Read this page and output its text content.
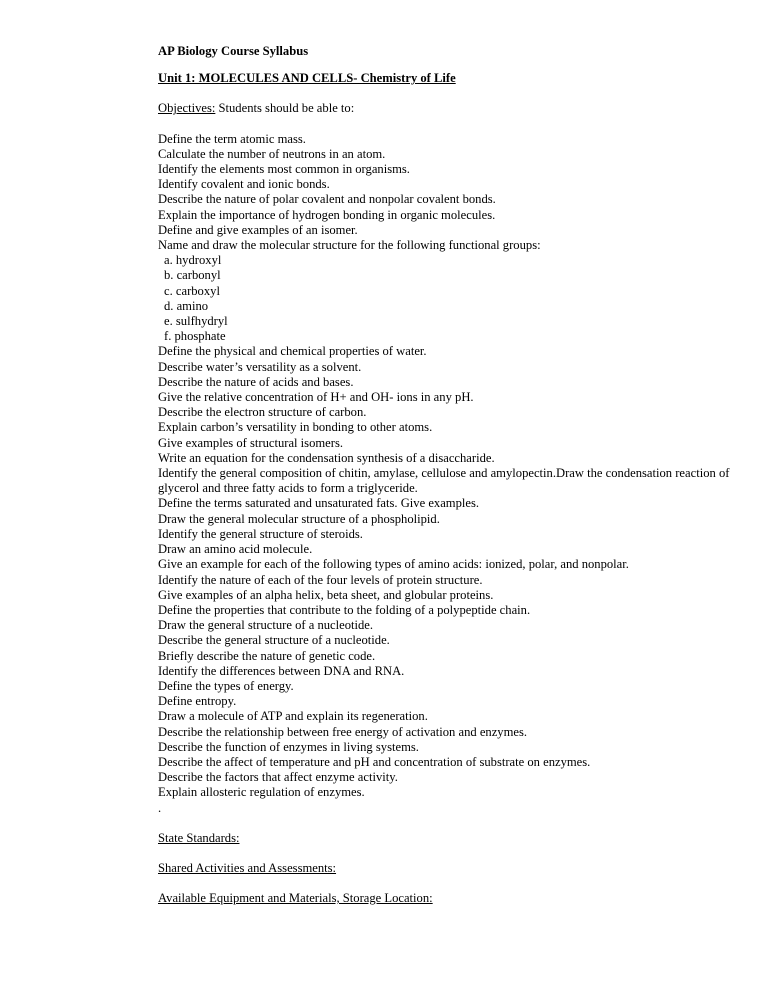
AP Biology Course Syllabus
Unit 1: MOLECULES AND CELLS- Chemistry of Life
Objectives: Students should be able to:
Define the term atomic mass.
Calculate the number of neutrons in an atom.
Identify the elements most common in organisms.
Identify covalent and ionic bonds.
Describe the nature of polar covalent and nonpolar covalent bonds.
Explain the importance of hydrogen bonding in organic molecules.
Define and give examples of an isomer.
Name and draw the molecular structure for the following functional groups:
a. hydroxyl
b. carbonyl
c. carboxyl
d. amino
e. sulfhydryl
f. phosphate
Define the physical and chemical properties of water.
Describe water’s versatility as a solvent.
Describe the nature of acids and bases.
Give the relative concentration of H+ and OH- ions in any pH.
Describe the electron structure of carbon.
Explain carbon’s versatility in bonding to other atoms.
Give examples of structural isomers.
Write an equation for the condensation synthesis of a disaccharide.
Identify the general composition of chitin, amylase, cellulose and amylopectin.Draw the condensation reaction of glycerol and three fatty acids to form a triglyceride.
Define the terms saturated and unsaturated fats. Give examples.
Draw the general molecular structure of a phospholipid.
Identify the general structure of steroids.
Draw an amino acid molecule.
Give an example for each of the following types of amino acids: ionized, polar, and nonpolar.
Identify the nature of each of the four levels of protein structure.
Give examples of an alpha helix, beta sheet, and globular proteins.
Define the properties that contribute to the folding of a polypeptide chain.
Draw the general structure of a nucleotide.
Describe the general structure of a nucleotide.
Briefly describe the nature of genetic code.
Identify the differences between DNA and RNA.
Define the types of energy.
Define entropy.
Draw a molecule of ATP and explain its regeneration.
Describe the relationship between free energy of activation and enzymes.
Describe the function of enzymes in living systems.
Describe the affect of temperature and pH and concentration of substrate on enzymes.
Describe the factors that affect enzyme activity.
Explain allosteric regulation of enzymes.
.
State Standards:
Shared Activities and Assessments:
Available Equipment and Materials, Storage Location:
